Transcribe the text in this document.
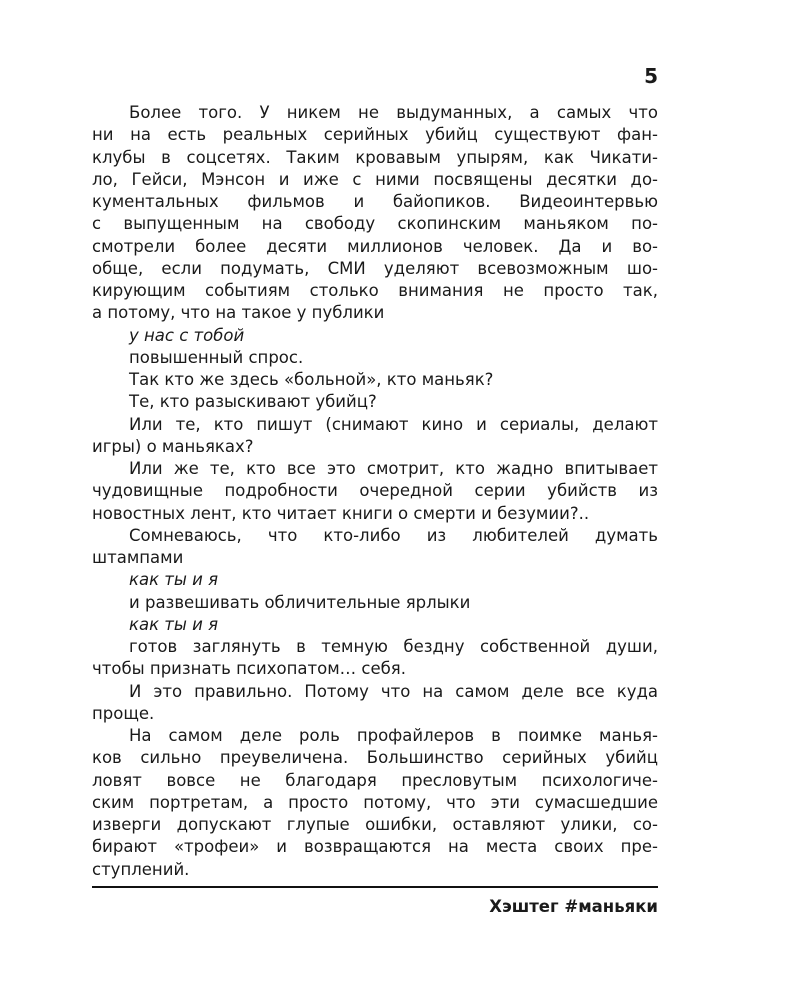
5
Более того. У никем не выдуманных, а самых что
ни на есть реальных серийных убийц существуют фан-
клубы в соцсетях. Таким кровавым упырям, как Чикати-
ло, Гейси, Мэнсон и иже с ними посвящены десятки до-
кументальных фильмов и байопиков. Видеоинтервью
с выпущенным на свободу скопинским маньяком по-
смотрели более десяти миллионов человек. Да и во-
обще, если подумать, СМИ уделяют всевозможным шо-
кирующим событиям столько внимания не просто так,
а потому, что на такое у публики
у нас с тобой
повышенный спрос.
Так кто же здесь «больной», кто маньяк?
Те, кто разыскивают убийц?
Или те, кто пишут (снимают кино и сериалы, делают
игры) о маньяках?
Или же те, кто все это смотрит, кто жадно впитывает
чудовищные подробности очередной серии убийств из
новостных лент, кто читает книги о смерти и безумии?..
Сомневаюсь, что кто-либо из любителей думать
штампами
как ты и я
и развешивать обличительные ярлыки
как ты и я
готов заглянуть в темную бездну собственной души,
чтобы признать психопатом… себя.
И это правильно. Потому что на самом деле все куда
проще.
На самом деле роль профайлеров в поимке манья-
ков сильно преувеличена. Большинство серийных убийц
ловят вовсе не благодаря пресловутым психологиче-
ским портретам, а просто потому, что эти сумасшедшие
изверги допускают глупые ошибки, оставляют улики, со-
бирают «трофеи» и возвращаются на места своих пре-
ступлений.
Хэштег #маньяки
